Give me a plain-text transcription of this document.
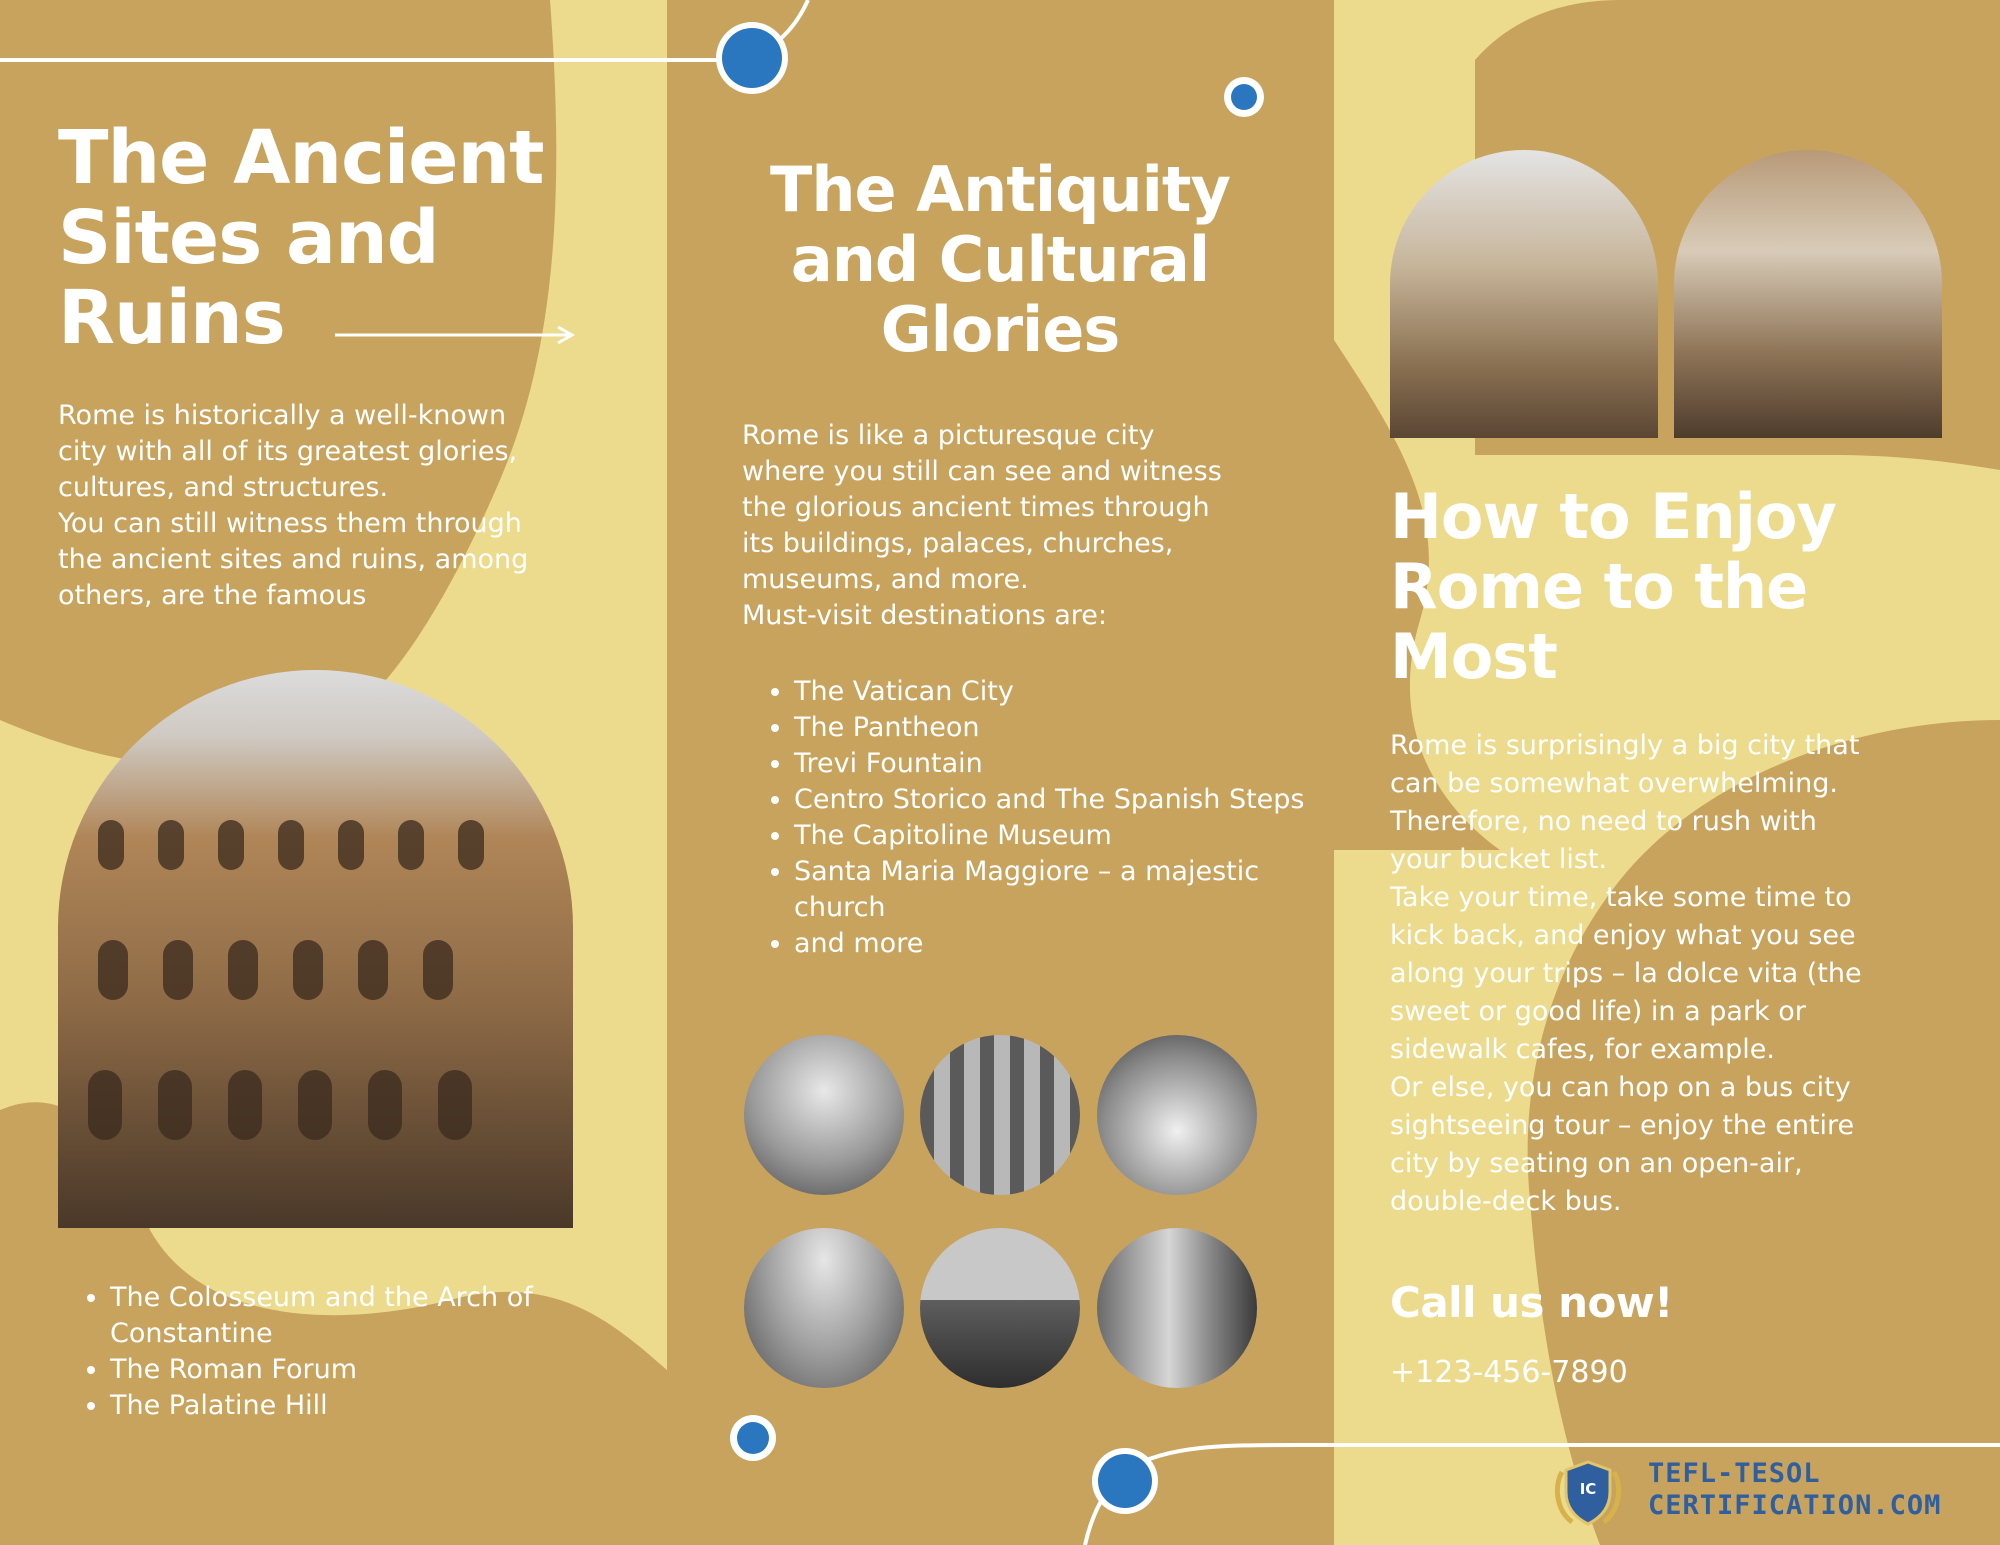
The Ancient Sites and Ruins

Rome is historically a well-known
city with all of its greatest glories,
cultures, and structures.
You can still witness them through
the ancient sites and ruins, among
others, are the famous

• The Colosseum and the Arch of Constantine
• The Roman Forum
• The Palatine Hill
The Antiquity and Cultural Glories

Rome is like a picturesque city
where you still can see and witness
the glorious ancient times through
its buildings, palaces, churches,
museums, and more.
Must-visit destinations are:

• The Vatican City
• The Pantheon
• Trevi Fountain
• Centro Storico and The Spanish Steps
• The Capitoline Museum
• Santa Maria Maggiore – a majestic church
• and more
How to Enjoy Rome to the Most

Rome is surprisingly a big city that
can be somewhat overwhelming.
Therefore, no need to rush with
your bucket list.
Take your time, take some time to
kick back, and enjoy what you see
along your trips – la dolce vita (the
sweet or good life) in a park or
sidewalk cafes, for example.
Or else, you can hop on a bus city
sightseeing tour – enjoy the entire
city by seating on an open-air,
double-deck bus.

Call us now!
+123-456-7890
IC TEFL-TESOL
CERTIFICATION.COM
